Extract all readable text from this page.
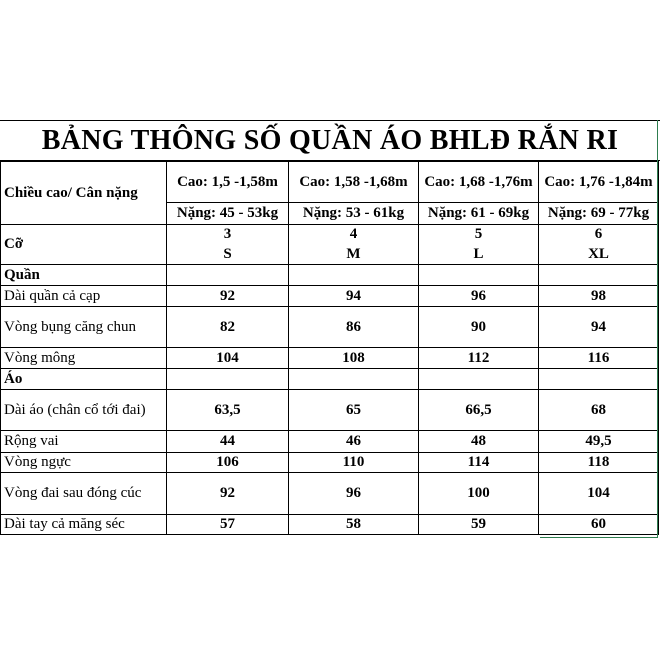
BẢNG THÔNG SỐ QUẦN ÁO BHLĐ RẮN RI
Chiều cao/ Cân nặng	Cao: 1,5 -1,58m	Cao: 1,58 -1,68m	Cao: 1,68 -1,76m	Cao: 1,76 -1,84m
	Nặng: 45 - 53kg	Nặng: 53 - 61kg	Nặng: 61 - 69kg	Nặng: 69 - 77kg
Cỡ	3	4	5	6
	S	M	L	XL
Quần				
Dài quần cả cạp	92	94	96	98
Vòng bụng căng chun	82	86	90	94
Vòng mông	104	108	112	116
Áo				
Dài áo (chân cổ tới đai)	63,5	65	66,5	68
Rộng vai	44	46	48	49,5
Vòng ngực	106	110	114	118
Vòng đai sau đóng cúc	92	96	100	104
Dài tay cả măng séc	57	58	59	60
